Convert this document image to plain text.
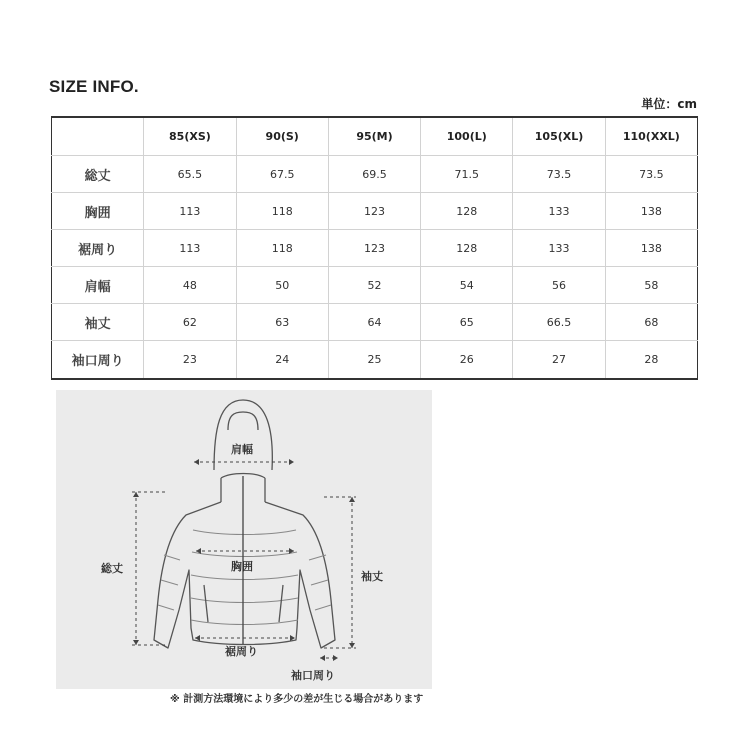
SIZE INFO.
単位：cm
	85(XS)	90(S)	95(M)	100(L)	105(XL)	110(XXL)
総丈	65.5	67.5	69.5	71.5	73.5	73.5
胸囲	113	118	123	128	133	138
裾周り	113	118	123	128	133	138
肩幅	48	50	52	54	56	58
袖丈	62	63	64	65	66.5	68
袖口周り	23	24	25	26	27	28
肩幅
胸囲
総丈
袖丈
裾周り
袖口周り
※ 計測方法環境により多少の差が生じる場合があります
